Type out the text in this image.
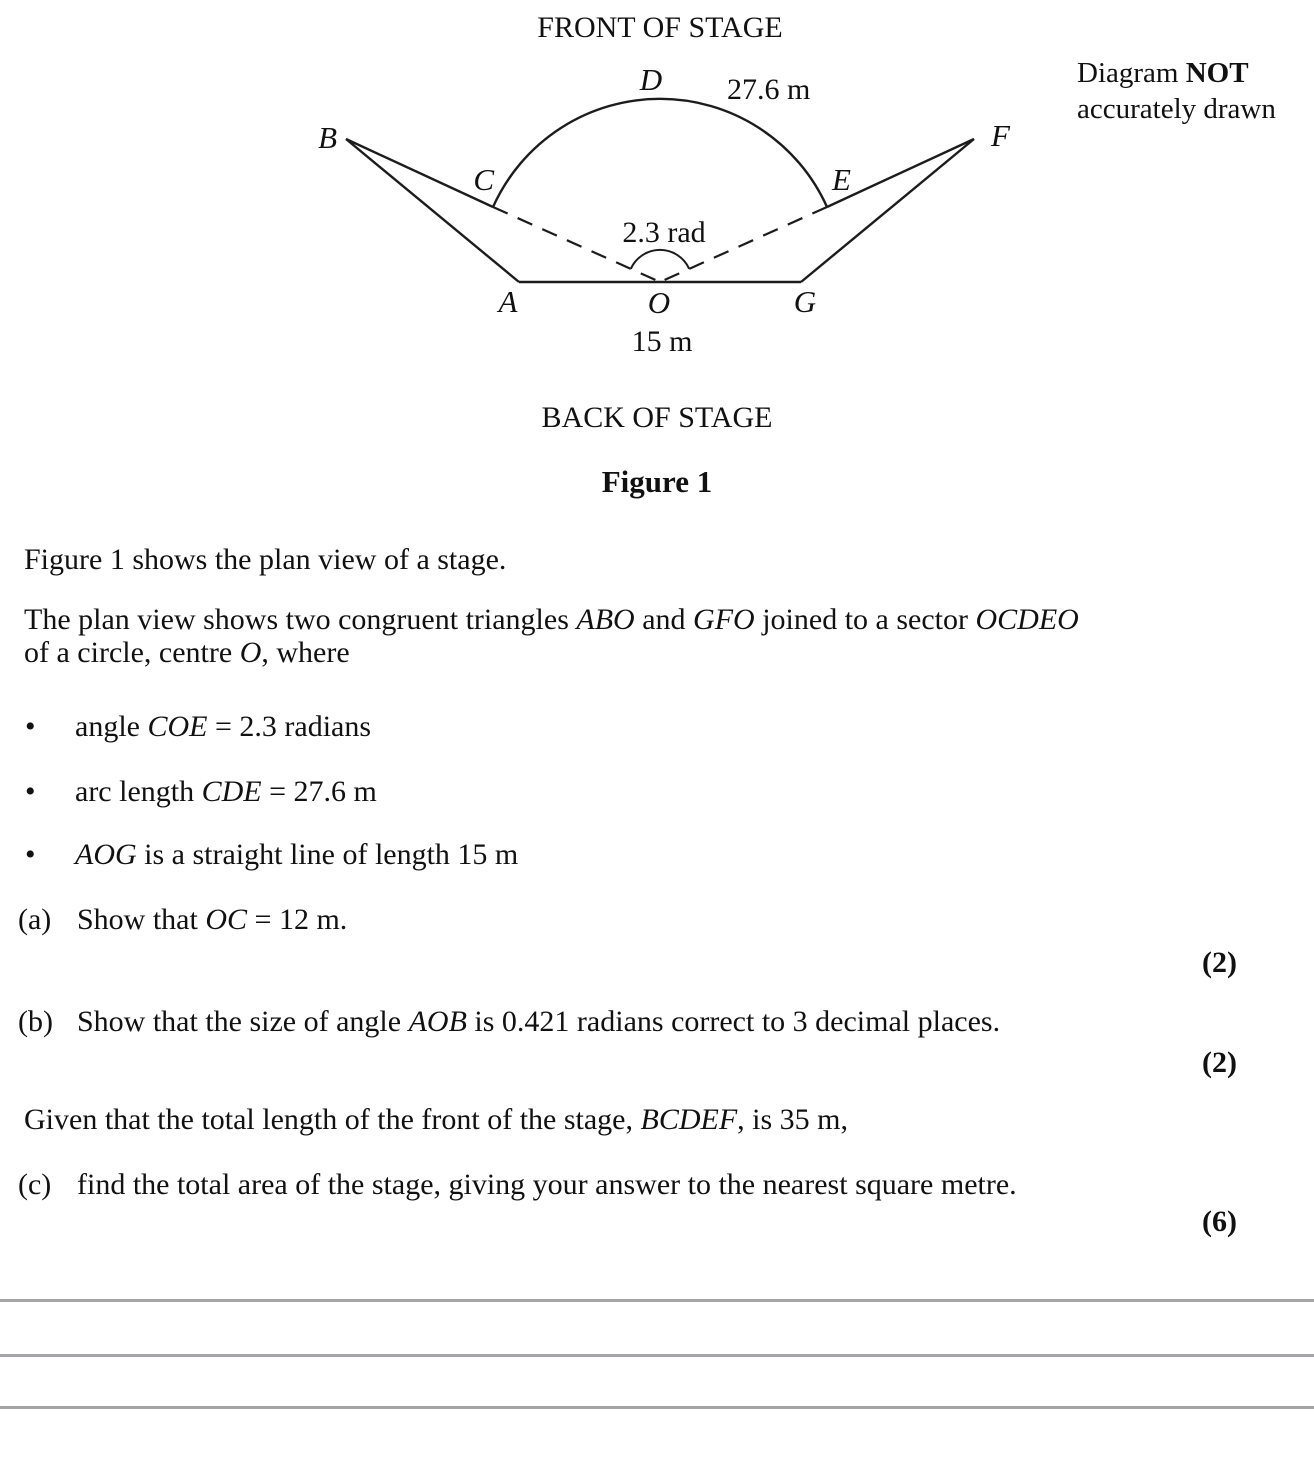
FRONT OF STAGE
B
C
D
E
F
A	O	G
27.6 m
2.3 rad
15 m
Diagram NOT
accurately drawn
BACK OF STAGE
Figure 1
Figure 1 shows the plan view of a stage.
The plan view shows two congruent triangles ABO and GFO joined to a sector OCDEO
of a circle, centre O, where
• angle COE = 2.3 radians
• arc length CDE = 27.6 m
• AOG is a straight line of length 15 m
(a) Show that OC = 12 m.
(2)
(b) Show that the size of angle AOB is 0.421 radians correct to 3 decimal places.
(2)
Given that the total length of the front of the stage, BCDEF, is 35 m,
(c) find the total area of the stage, giving your answer to the nearest square metre.
(6)
